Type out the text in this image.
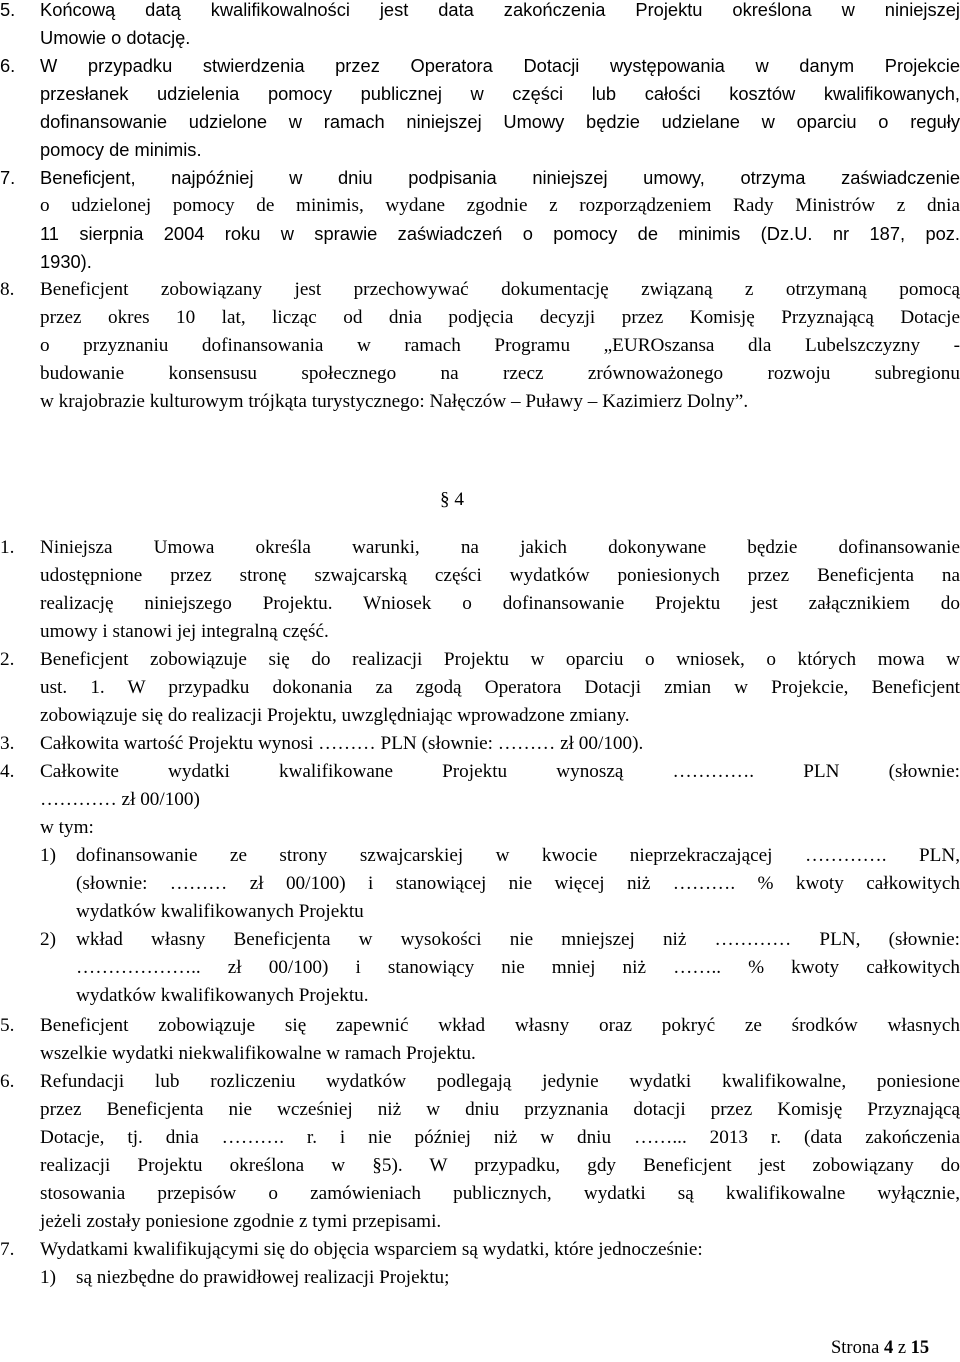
5. Końcową datą kwalifikowalności jest data zakończenia Projektu określona w niniejszej
Umowie o dotację.
6. W przypadku stwierdzenia przez Operatora Dotacji występowania w danym Projekcie
przesłanek udzielenia pomocy publicznej w części lub całości kosztów kwalifikowanych,
dofinansowanie udzielone w ramach niniejszej Umowy będzie udzielane w oparciu o reguły
pomocy de minimis.
7. Beneficjent, najpóźniej w dniu podpisania niniejszej umowy, otrzyma zaświadczenie
o udzielonej pomocy de minimis, wydane zgodnie z rozporządzeniem Rady Ministrów z dnia
11 sierpnia 2004 roku w sprawie zaświadczeń o pomocy de minimis (Dz.U. nr 187, poz.
1930).
8. Beneficjent zobowiązany jest przechowywać dokumentację związaną z otrzymaną pomocą
przez okres 10 lat, licząc od dnia podjęcia decyzji przez Komisję Przyznającą Dotacje
o przyznaniu dofinansowania w ramach Programu „EUROszansa dla Lubelszczyzny -
budowanie konsensusu społecznego na rzecz zrównoważonego rozwoju subregionu
w krajobrazie kulturowym trójkąta turystycznego: Nałęczów – Puławy – Kazimierz Dolny”.
§ 4
1. Niniejsza Umowa określa warunki, na jakich dokonywane będzie dofinansowanie
udostępnione przez stronę szwajcarską części wydatków poniesionych przez Beneficjenta na
realizację niniejszego Projektu. Wniosek o dofinansowanie Projektu jest załącznikiem do
umowy i stanowi jej integralną część.
2. Beneficjent zobowiązuje się do realizacji Projektu w oparciu o wniosek, o których mowa w
ust. 1. W przypadku dokonania za zgodą Operatora Dotacji zmian w Projekcie, Beneficjent
zobowiązuje się do realizacji Projektu, uwzględniając wprowadzone zmiany.
3. Całkowita wartość Projektu wynosi ……… PLN (słownie: ……… zł 00/100).
4. Całkowite wydatki kwalifikowane Projektu wynoszą …………. PLN (słownie:
………… zł 00/100)
w tym:
1) dofinansowanie ze strony szwajcarskiej w kwocie nieprzekraczającej …………. PLN,
(słownie: ……… zł 00/100) i stanowiącej nie więcej niż ………. % kwoty całkowitych
wydatków kwalifikowanych Projektu
2) wkład własny Beneficjenta w wysokości nie mniejszej niż ………… PLN, (słownie:
……………….. zł 00/100) i stanowiący nie mniej niż …….. % kwoty całkowitych
wydatków kwalifikowanych Projektu.
5. Beneficjent zobowiązuje się zapewnić wkład własny oraz pokryć ze środków własnych
wszelkie wydatki niekwalifikowalne w ramach Projektu.
6. Refundacji lub rozliczeniu wydatków podlegają jedynie wydatki kwalifikowalne, poniesione
przez Beneficjenta nie wcześniej niż w dniu przyznania dotacji przez Komisję Przyznającą
Dotacje, tj. dnia ………. r. i nie później niż w dniu ……... 2013 r. (data zakończenia
realizacji Projektu określona w §5). W przypadku, gdy Beneficjent jest zobowiązany do
stosowania przepisów o zamówieniach publicznych, wydatki są kwalifikowalne wyłącznie,
jeżeli zostały poniesione zgodnie z tymi przepisami.
7. Wydatkami kwalifikującymi się do objęcia wsparciem są wydatki, które jednocześnie:
1) są niezbędne do prawidłowej realizacji Projektu;
Strona 4 z 15
